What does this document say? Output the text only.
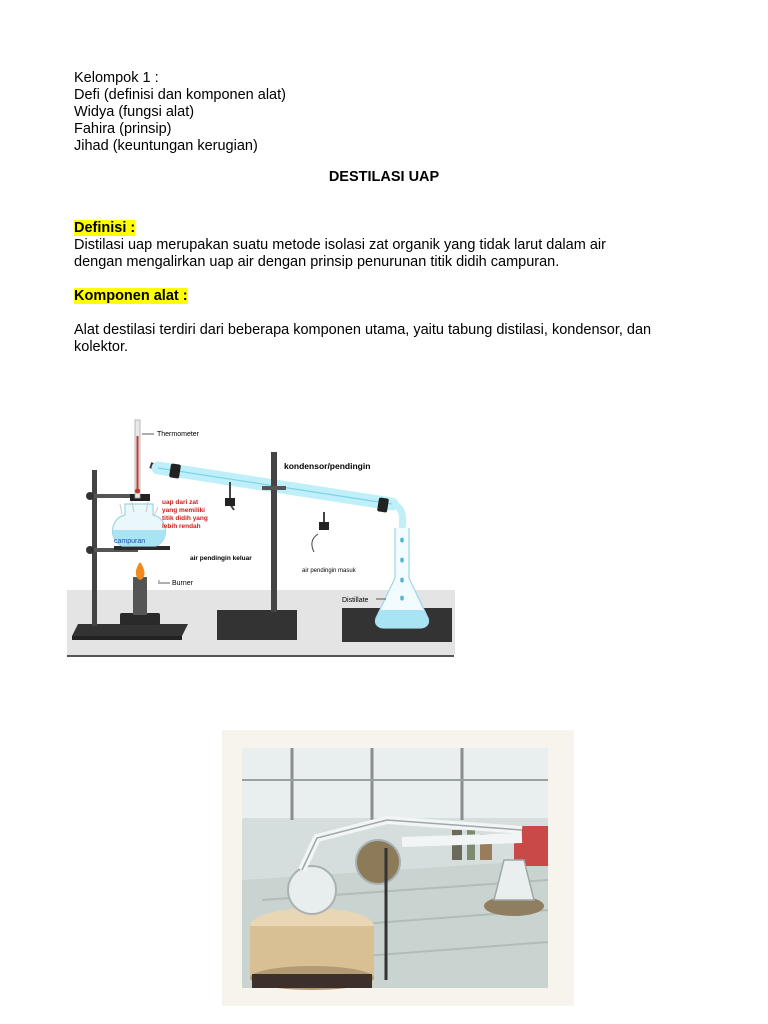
Kelompok 1 :
Defi (definisi dan komponen alat)
Widya (fungsi alat)
Fahira (prinsip)
Jihad (keuntungan kerugian)
DESTILASI UAP
Definisi :
Distilasi uap merupakan suatu metode isolasi zat organik yang tidak larut dalam air
dengan mengalirkan uap air dengan prinsip penurunan titik didih campuran.
Komponen alat :
Alat destilasi terdiri dari beberapa komponen utama, yaitu tabung distilasi, kondensor, dan
kolektor.
campuran
Thermometer
kondensor/pendingin
uap dari zat yang memiliki titik didih yang lebih rendah
air pendingin keluar
air pendingin masuk
Burner
Distillate
